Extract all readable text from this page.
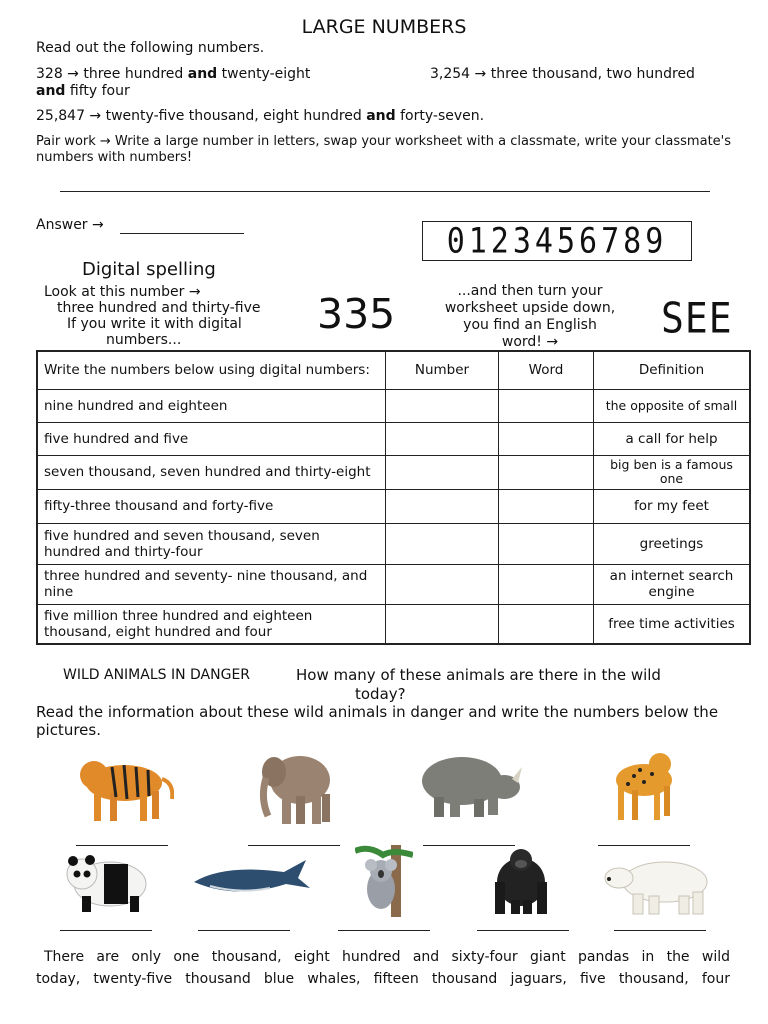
LARGE NUMBERS
Read out the following numbers.
328 → three hundred and twenty-eight
and fifty four
3,254 → three thousand, two hundred
25,847 → twenty-five thousand, eight hundred and forty-seven.
Pair work → Write a large number in letters, swap your worksheet with a classmate, write your classmate's numbers with numbers!
Answer →	0123456789
Digital spelling
Look at this number →
three hundred and thirty-five
If you write it with digital
numbers...
335	...and then turn your
worksheet upside down,
you find an English
word! →	SEE
Write the numbers below using digital numbers:	Number	Word	Definition
nine hundred and eighteen			the opposite of small
five hundred and five			a call for help
seven thousand, seven hundred and thirty-eight			big ben is a famous one
fifty-three thousand and forty-five			for my feet
five hundred and seven thousand, seven hundred and thirty-four			greetings
three hundred and seventy- nine thousand, and nine			an internet search engine
five million three hundred and eighteen thousand, eight hundred and four			free time activities
WILD ANIMALS IN DANGER	How many of these animals are there in the wild
today?
Read the information about these wild animals in danger and write the numbers below the pictures.
There are only one thousand, eight hundred and sixty-four giant pandas in the wild
today, twenty-five thousand blue whales, fifteen thousand jaguars, five thousand, four
